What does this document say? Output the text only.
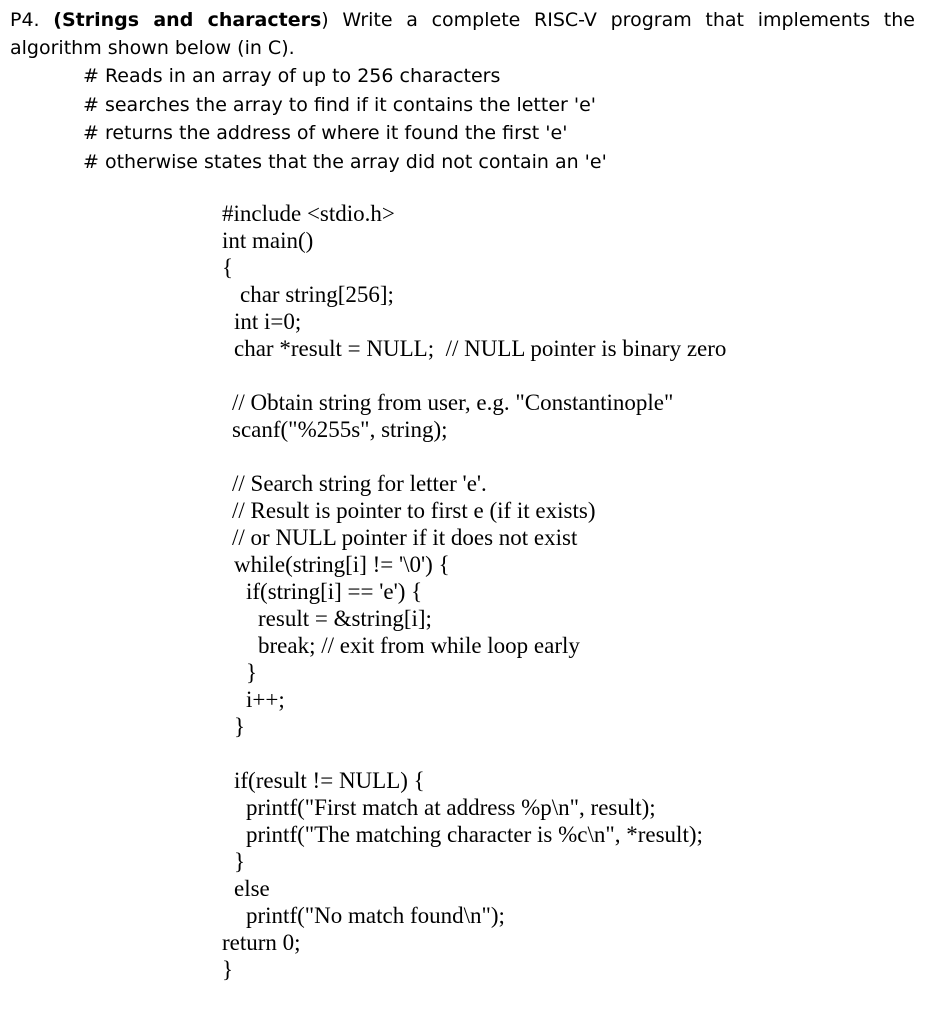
P4. (Strings and characters) Write a complete RISC-V program that implements the algorithm shown below (in C).
# Reads in an array of up to 256 characters
# searches the array to find if it contains the letter 'e'
# returns the address of where it found the first 'e'
# otherwise states that the array did not contain an 'e'
#include <stdio.h>
int main()
{
char string[256];
int i=0;
char *result = NULL;  // NULL pointer is binary zero
// Obtain string from user, e.g. "Constantinople"
scanf("%255s", string);
// Search string for letter 'e'.
// Result is pointer to first e (if it exists)
// or NULL pointer if it does not exist
while(string[i] != '\0') {
if(string[i] == 'e') {
result = &string[i];
break; // exit from while loop early
}
i++;
}
if(result != NULL) {
printf("First match at address %p\n", result);
printf("The matching character is %c\n", *result);
}
else
printf("No match found\n");
return 0;
}
